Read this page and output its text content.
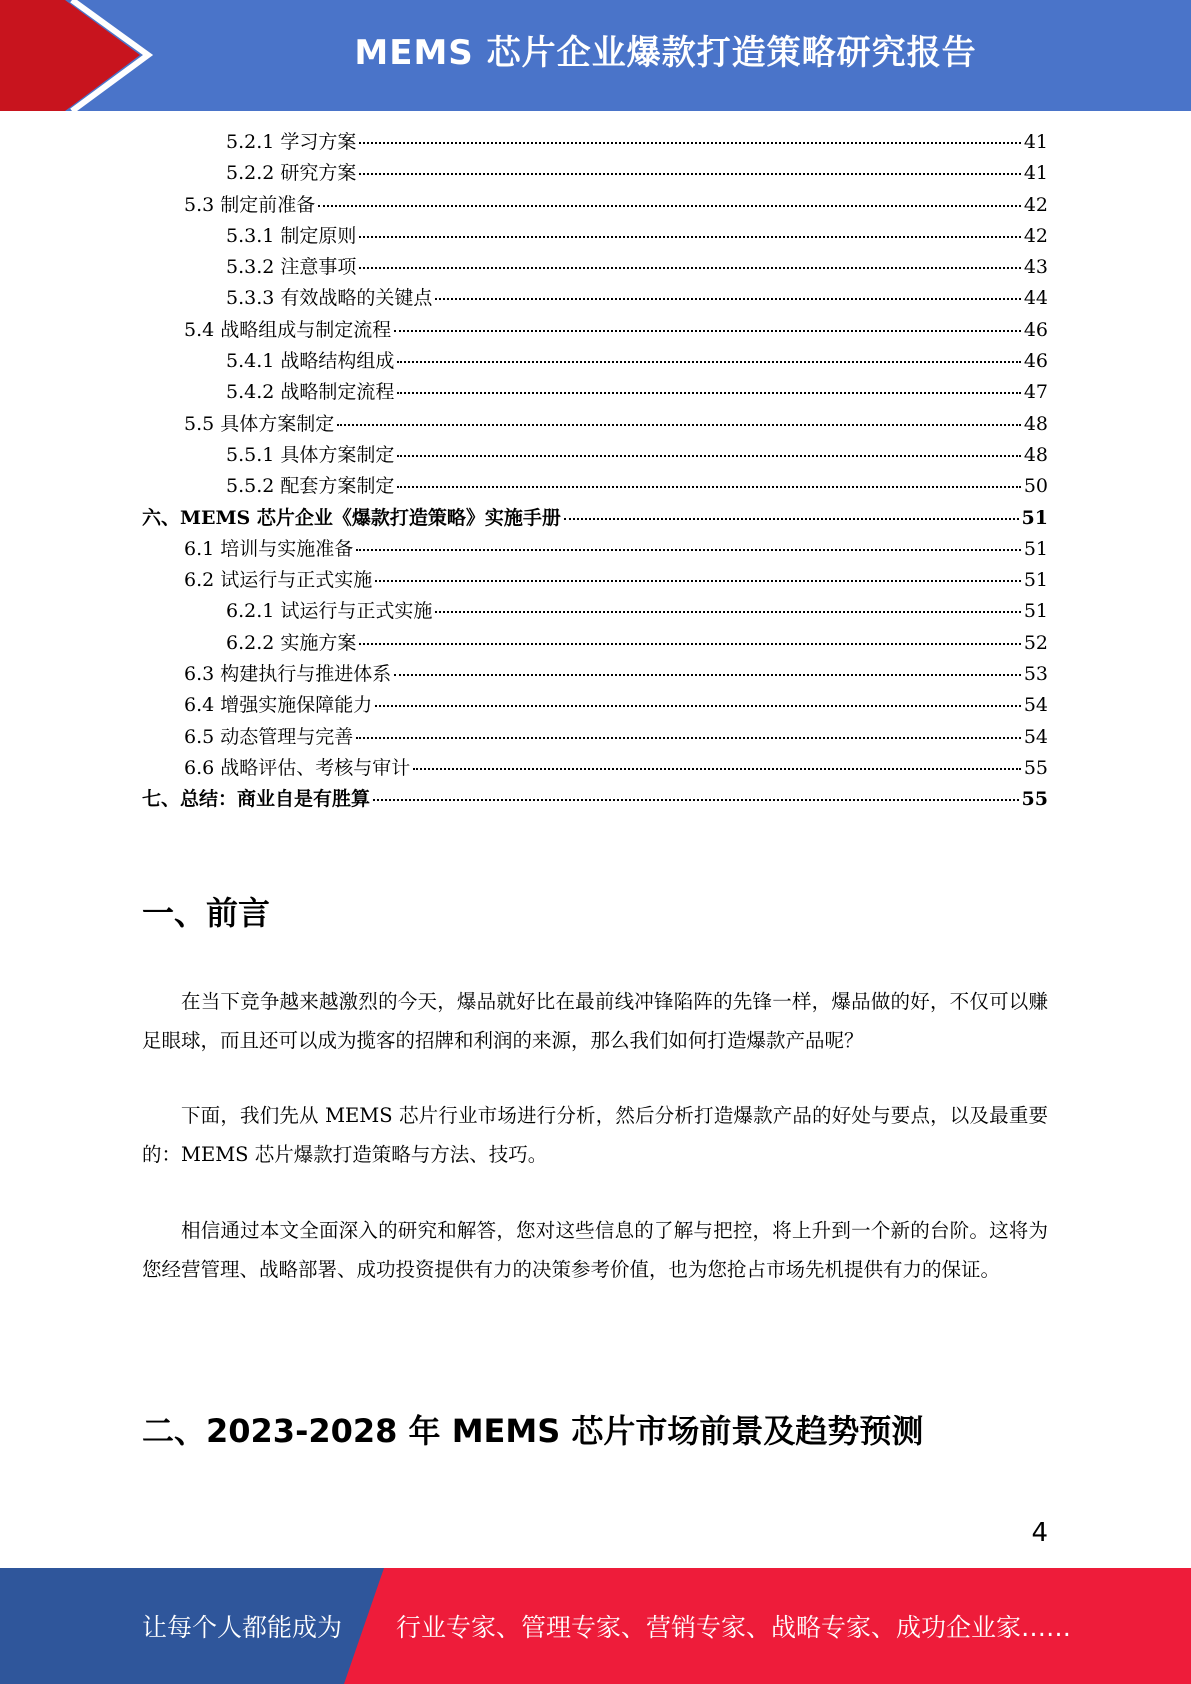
MEMS 芯片企业爆款打造策略研究报告
5.2.1 学习方案	41
5.2.2 研究方案	41
5.3 制定前准备	42
5.3.1 制定原则	42
5.3.2 注意事项	43
5.3.3 有效战略的关键点	44
5.4 战略组成与制定流程	46
5.4.1 战略结构组成	46
5.4.2 战略制定流程	47
5.5 具体方案制定	48
5.5.1 具体方案制定	48
5.5.2 配套方案制定	50
六、MEMS 芯片企业《爆款打造策略》实施手册	51
6.1 培训与实施准备	51
6.2 试运行与正式实施	51
6.2.1 试运行与正式实施	51
6.2.2 实施方案	52
6.3 构建执行与推进体系	53
6.4 增强实施保障能力	54
6.5 动态管理与完善	54
6.6 战略评估、考核与审计	55
七、总结：商业自是有胜算	55
一、前言

在当下竞争越来越激烈的今天，爆品就好比在最前线冲锋陷阵的先锋一样，爆品做的好，不仅可以赚足眼球，而且还可以成为揽客的招牌和利润的来源，那么我们如何打造爆款产品呢？

下面，我们先从 MEMS 芯片行业市场进行分析，然后分析打造爆款产品的好处与要点，以及最重要的：MEMS 芯片爆款打造策略与方法、技巧。

相信通过本文全面深入的研究和解答，您对这些信息的了解与把控，将上升到一个新的台阶。这将为您经营管理、战略部署、成功投资提供有力的决策参考价值，也为您抢占市场先机提供有力的保证。

二、2023-2028 年 MEMS 芯片市场前景及趋势预测
4
让每个人都能成为 行业专家、管理专家、营销专家、战略专家、成功企业家……
